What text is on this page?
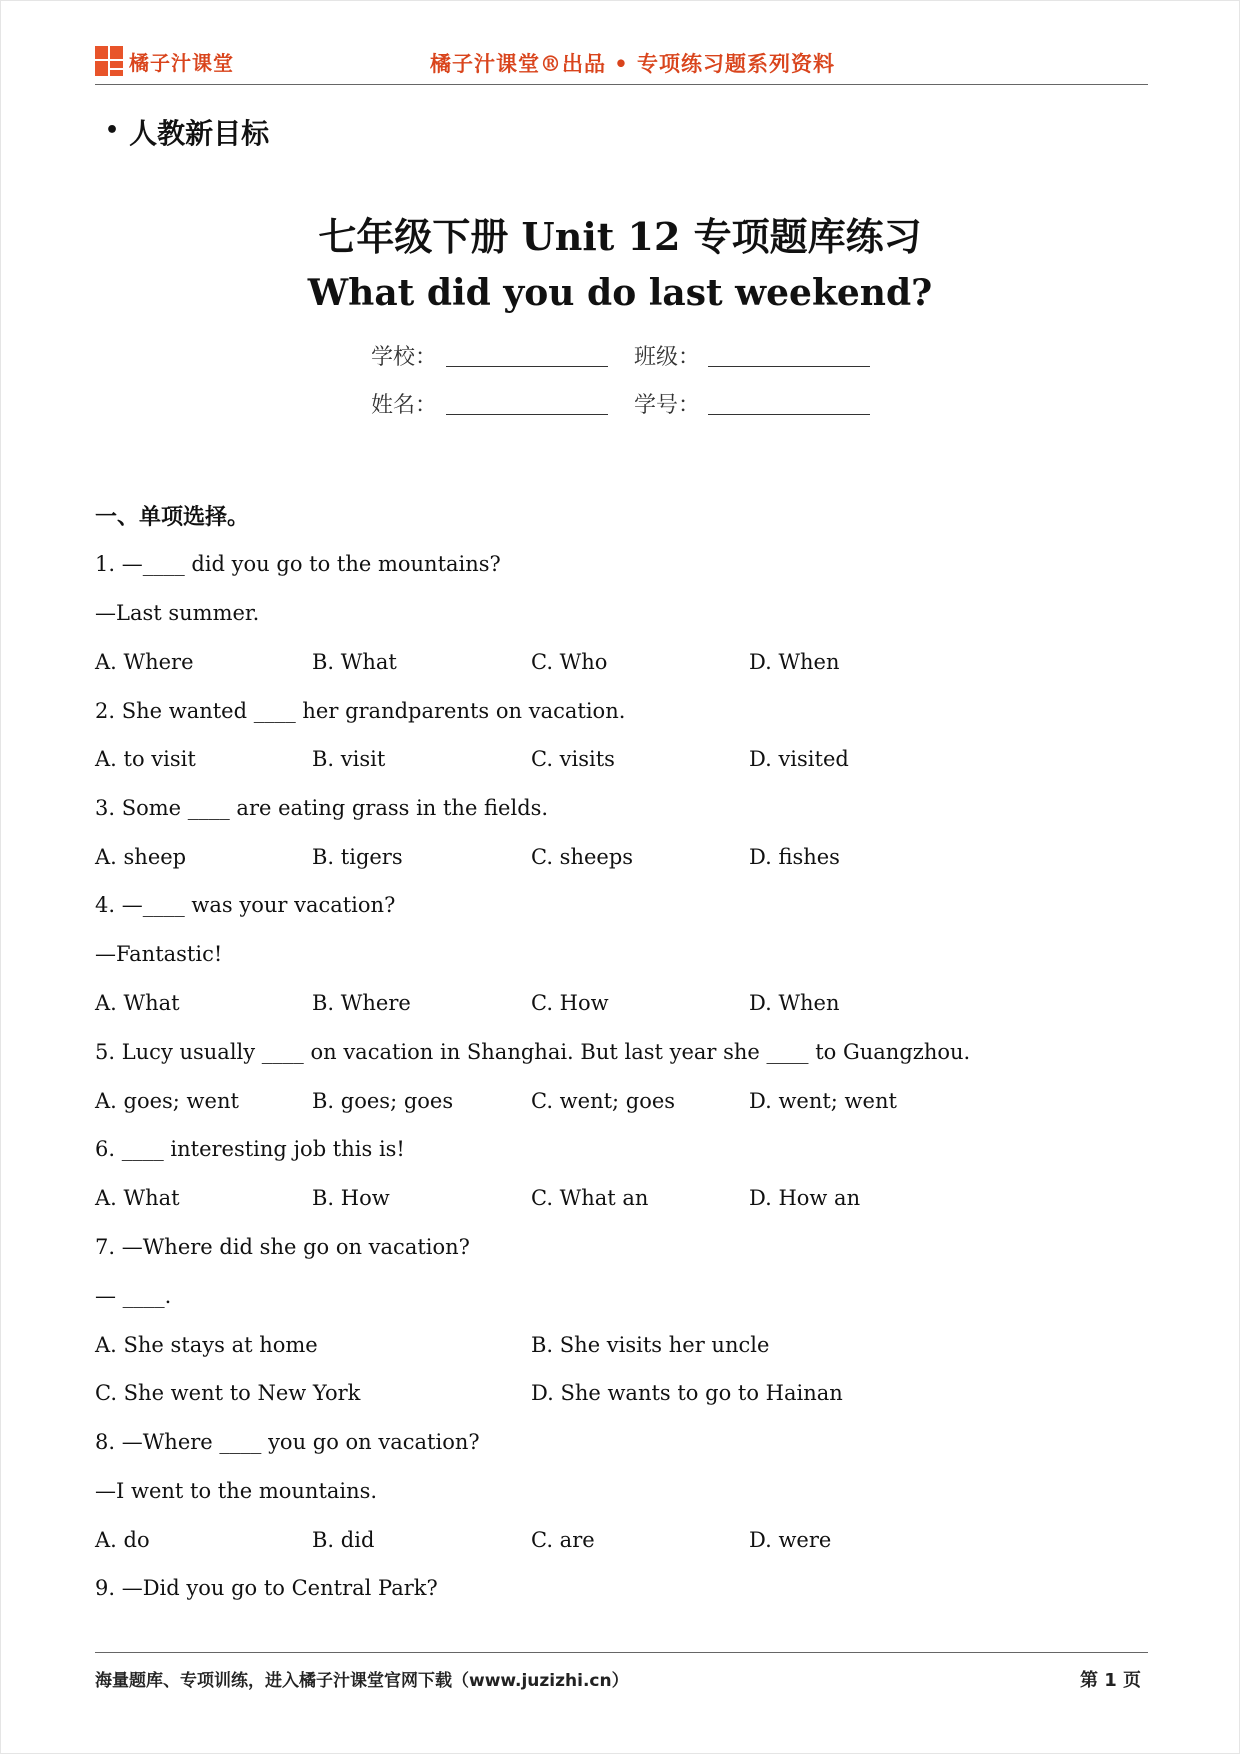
橘子汁课堂	橘子汁课堂®出品 • 专项练习题系列资料
• 人教新目标
七年级下册 Unit 12 专项题库练习
What did you do last weekend?
学校：	班级：
姓名：	学号：
一、单项选择。
1. —____ did you go to the mountains?
—Last summer.
A. Where	B. What	C. Who	D. When
2. She wanted ____ her grandparents on vacation.
A. to visit	B. visit	C. visits	D. visited
3. Some ____ are eating grass in the fields.
A. sheep	B. tigers	C. sheeps	D. fishes
4. —____ was your vacation?
—Fantastic!
A. What	B. Where	C. How	D. When
5. Lucy usually ____ on vacation in Shanghai. But last year she ____ to Guangzhou.
A. goes; went	B. goes; goes	C. went; goes	D. went; went
6. ____ interesting job this is!
A. What	B. How	C. What an	D. How an
7. —Where did she go on vacation?
— ____.
A. She stays at home	B. She visits her uncle
C. She went to New York	D. She wants to go to Hainan
8. —Where ____ you go on vacation?
—I went to the mountains.
A. do	B. did	C. are	D. were
9. —Did you go to Central Park?
海量题库、专项训练，进入橘子汁课堂官网下载（www.juzizhi.cn）	第 1 页
